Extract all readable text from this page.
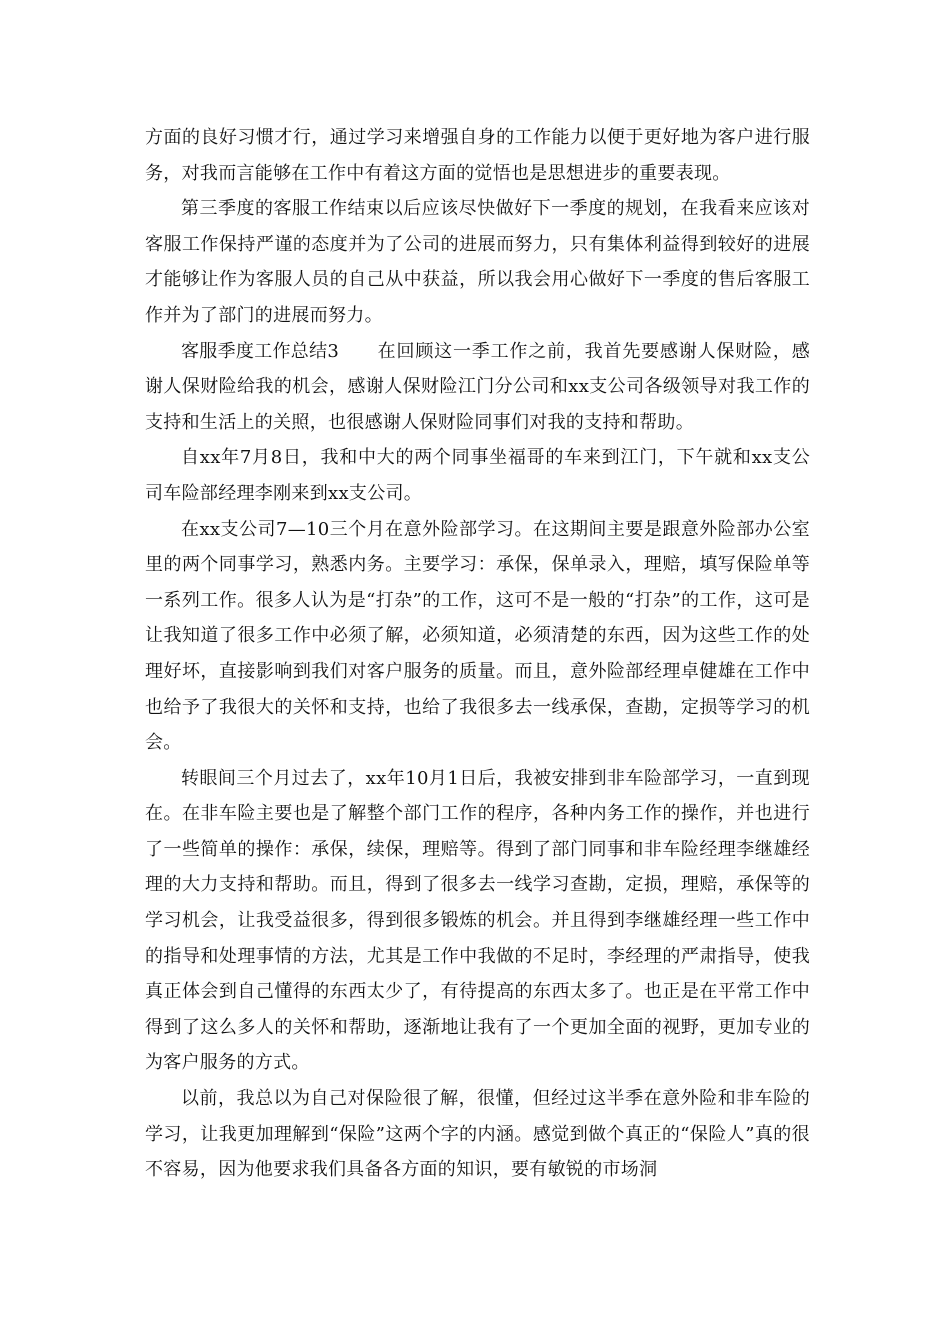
方面的良好习惯才行，通过学习来增强自身的工作能力以便于更好地为客户进行服务，对我而言能够在工作中有着这方面的觉悟也是思想进步的重要表现。

第三季度的客服工作结束以后应该尽快做好下一季度的规划，在我看来应该对客服工作保持严谨的态度并为了公司的进展而努力，只有集体利益得到较好的进展才能够让作为客服人员的自己从中获益，所以我会用心做好下一季度的售后客服工作并为了部门的进展而努力。

客服季度工作总结3 在回顾这一季工作之前，我首先要感谢人保财险，感谢人保财险给我的机会，感谢人保财险江门分公司和xx支公司各级领导对我工作的支持和生活上的关照，也很感谢人保财险同事们对我的支持和帮助。

自xx年7月8日，我和中大的两个同事坐福哥的车来到江门，下午就和xx支公司车险部经理李刚来到xx支公司。

在xx支公司7—10三个月在意外险部学习。在这期间主要是跟意外险部办公室里的两个同事学习，熟悉内务。主要学习：承保，保单录入，理赔，填写保险单等一系列工作。很多人认为是“打杂”的工作，这可不是一般的“打杂”的工作，这可是让我知道了很多工作中必须了解，必须知道，必须清楚的东西，因为这些工作的处理好坏，直接影响到我们对客户服务的质量。而且，意外险部经理卓健雄在工作中也给予了我很大的关怀和支持，也给了我很多去一线承保，查勘，定损等学习的机会。

转眼间三个月过去了，xx年10月1日后，我被安排到非车险部学习，一直到现在。在非车险主要也是了解整个部门工作的程序，各种内务工作的操作，并也进行了一些简单的操作：承保，续保，理赔等。得到了部门同事和非车险经理李继雄经理的大力支持和帮助。而且，得到了很多去一线学习查勘，定损，理赔，承保等的学习机会，让我受益很多，得到很多锻炼的机会。并且得到李继雄经理一些工作中的指导和处理事情的方法，尤其是工作中我做的不足时，李经理的严肃指导，使我真正体会到自己懂得的东西太少了，有待提高的东西太多了。也正是在平常工作中得到了这么多人的关怀和帮助，逐渐地让我有了一个更加全面的视野，更加专业的为客户服务的方式。

以前，我总以为自己对保险很了解，很懂，但经过这半季在意外险和非车险的学习，让我更加理解到“保险”这两个字的内涵。感觉到做个真正的“保险人”真的很不容易，因为他要求我们具备各方面的知识，要有敏锐的市场洞
